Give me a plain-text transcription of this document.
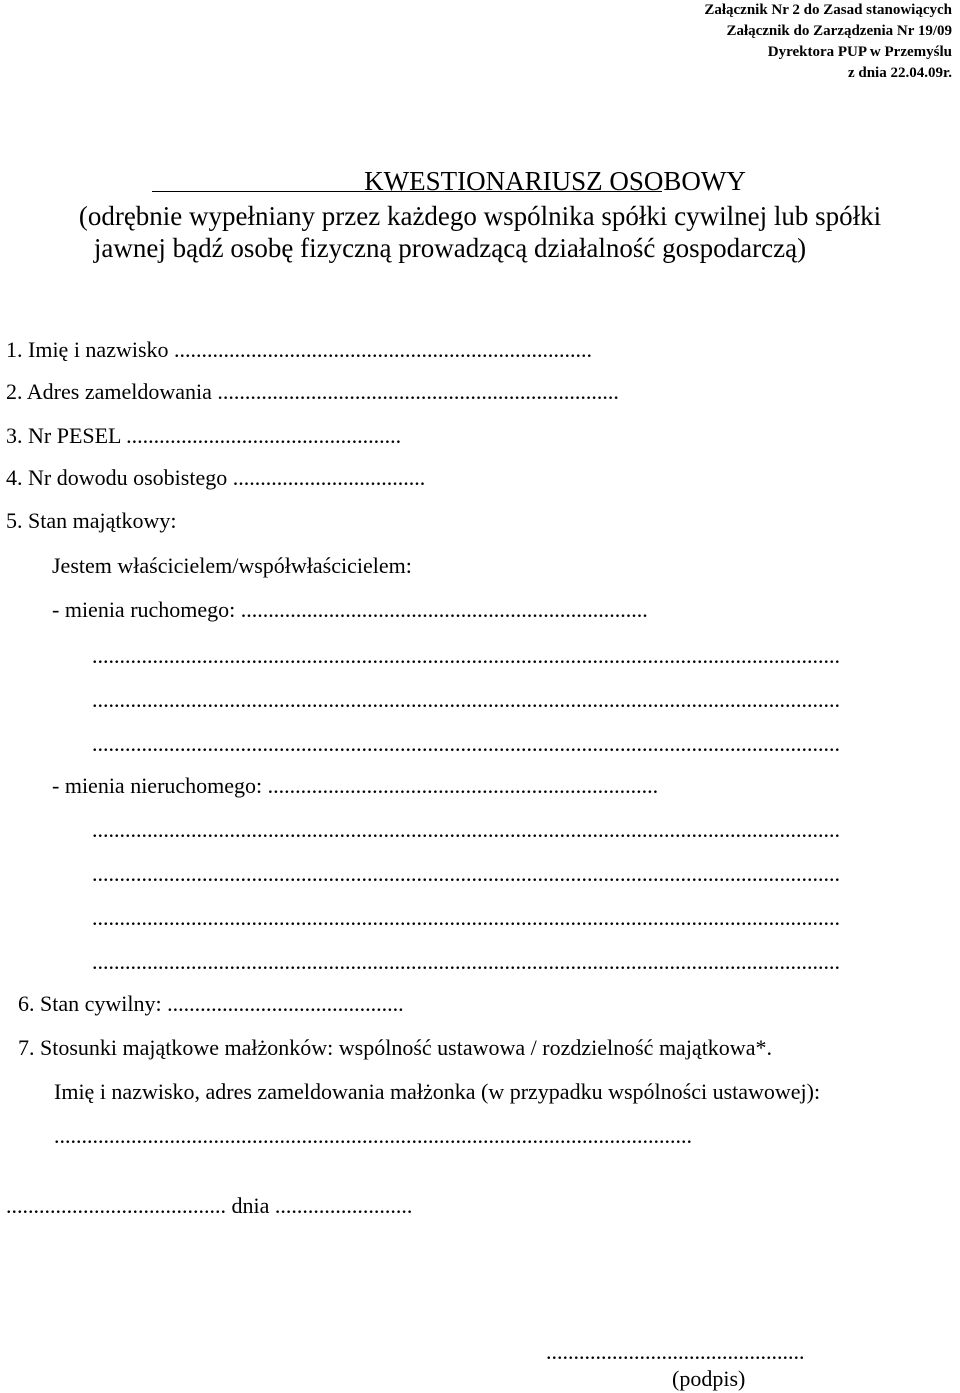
Załącznik Nr 2 do Zasad stanowiących
Załącznik do Zarządzenia Nr 19/09
Dyrektora PUP w Przemyślu
z dnia 22.04.09r.
KWESTIONARIUSZ OSOBOWY
(odrębnie wypełniany przez każdego wspólnika spółki cywilnej lub spółki
jawnej bądź osobę fizyczną prowadzącą działalność gospodarczą)
1. Imię i nazwisko ............................................................................
2. Adres zameldowania .........................................................................
3. Nr PESEL ..................................................
4. Nr dowodu osobistego ...................................
5. Stan majątkowy:
Jestem właścicielem/współwłaścicielem:
- mienia ruchomego: ..........................................................................
........................................................................................................................................
........................................................................................................................................
........................................................................................................................................
- mienia nieruchomego: .......................................................................
........................................................................................................................................
........................................................................................................................................
........................................................................................................................................
........................................................................................................................................
6. Stan cywilny: ...........................................
7. Stosunki majątkowe małżonków: wspólność ustawowa / rozdzielność majątkowa*.
Imię i nazwisko, adres zameldowania małżonka (w przypadku wspólności ustawowej):
....................................................................................................................
........................................ dnia .........................
...............................................
(podpis)
